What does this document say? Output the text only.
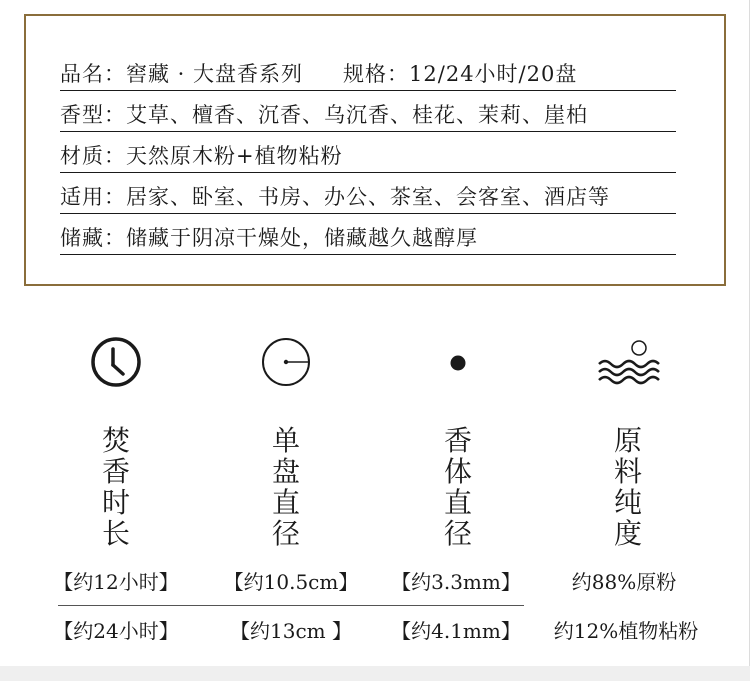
品名：窖藏 · 大盘香系列 规格：12/24小时/20盘
香型：艾草、檀香、沉香、乌沉香、桂花、茉莉、崖柏
材质：天然原木粉+植物粘粉
适用：居家、卧室、书房、办公、茶室、会客室、酒店等
储藏：储藏于阴凉干燥处，储藏越久越醇厚
焚香时长
单盘直径
香体直径
原料纯度
【约12小时】 【约10.5cm】 【约3.3mm】	约88%原粉
【约24小时】	【约13cm 】	【约4.1mm】	约12%植物粘粉
